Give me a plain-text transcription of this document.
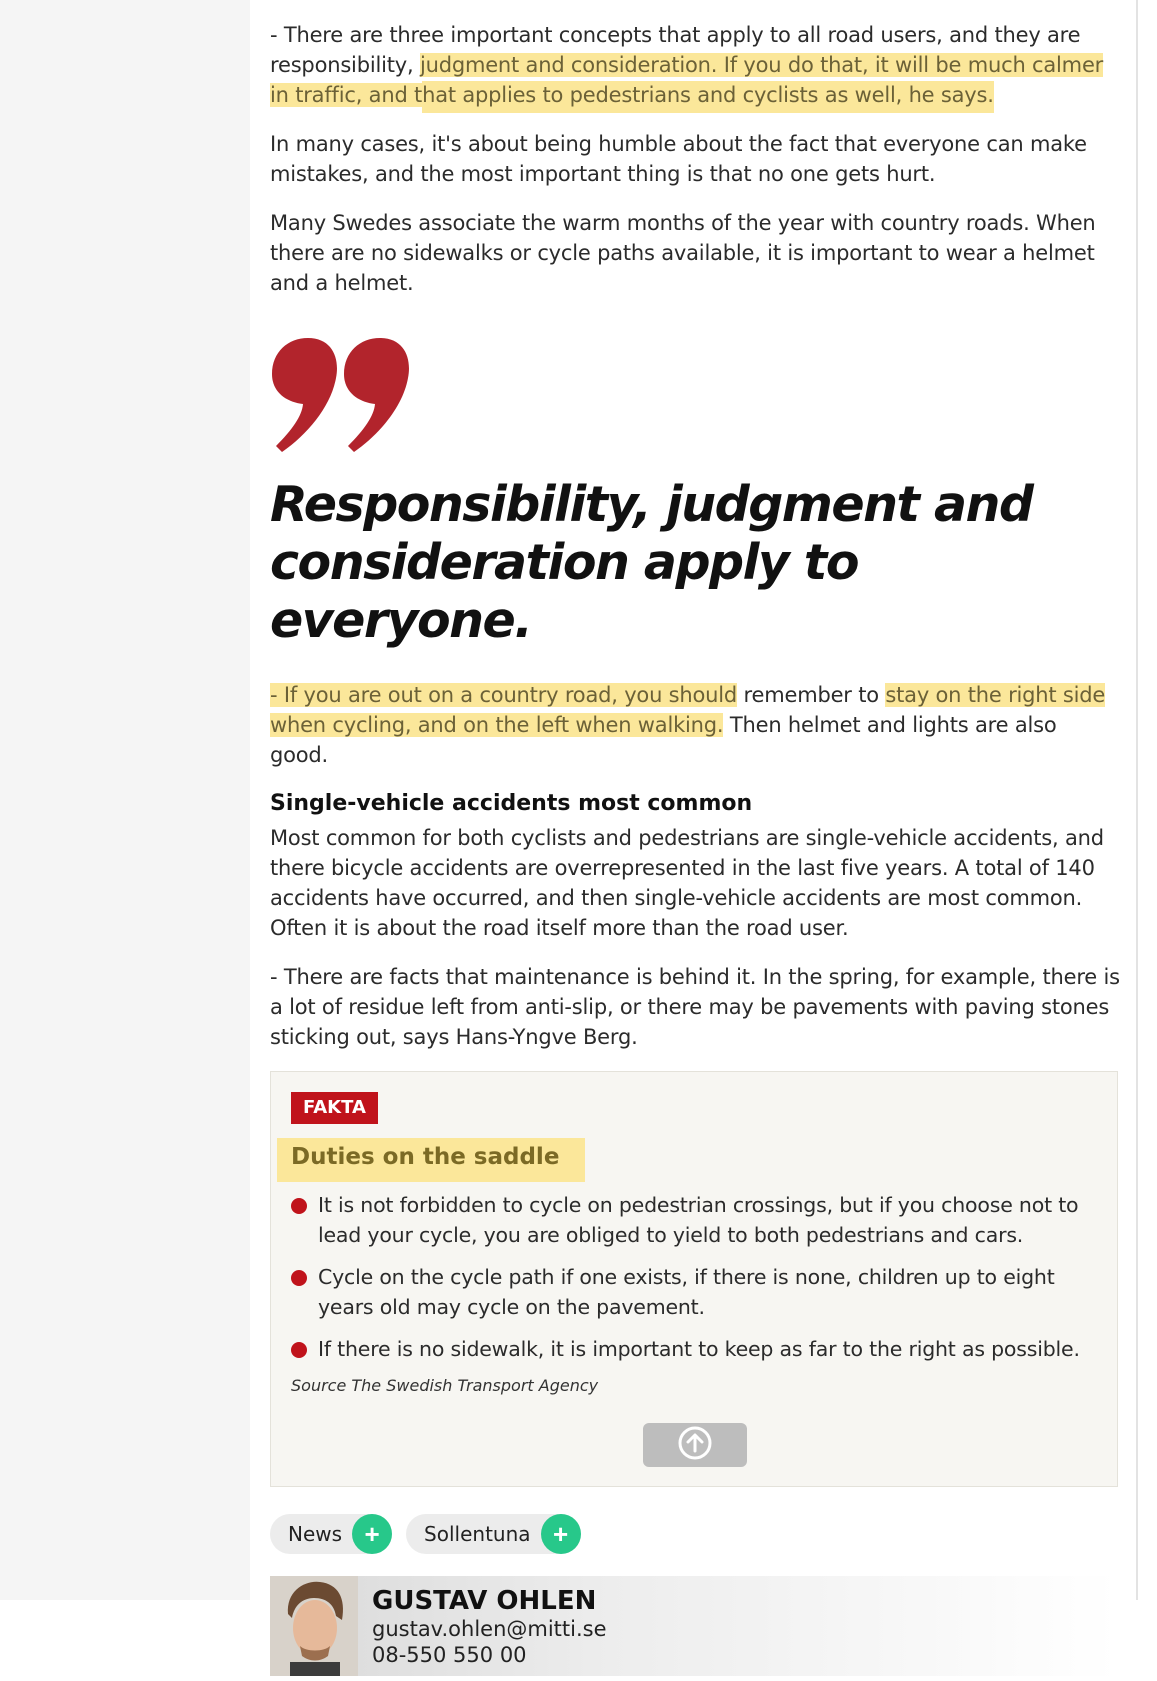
- There are three important concepts that apply to all road users, and they are responsibility, judgment and consideration. If you do that, it will be much calmer in traffic, and that applies to pedestrians and cyclists as well, he says.

In many cases, it's about being humble about the fact that everyone can make mistakes, and the most important thing is that no one gets hurt.

Many Swedes associate the warm months of the year with country roads. When there are no sidewalks or cycle paths available, it is important to wear a helmet and a helmet.

Responsibility, judgment and consideration apply to everyone.

- If you are out on a country road, you should remember to stay on the right side when cycling, and on the left when walking. Then helmet and lights are also good.

Single-vehicle accidents most common

Most common for both cyclists and pedestrians are single-vehicle accidents, and there bicycle accidents are overrepresented in the last five years. A total of 140 accidents have occurred, and then single-vehicle accidents are most common. Often it is about the road itself more than the road user.

- There are facts that maintenance is behind it. In the spring, for example, there is a lot of residue left from anti-slip, or there may be pavements with paving stones sticking out, says Hans-Yngve Berg.

FAKTA
Duties on the saddle
It is not forbidden to cycle on pedestrian crossings, but if you choose not to lead your cycle, you are obliged to yield to both pedestrians and cars.
Cycle on the cycle path if one exists, if there is none, children up to eight years old may cycle on the pavement.
If there is no sidewalk, it is important to keep as far to the right as possible.

Source The Swedish Transport Agency

News +	Sollentuna +
GUSTAV OHLEN
gustav.ohlen@mitti.se
08-550 550 00
